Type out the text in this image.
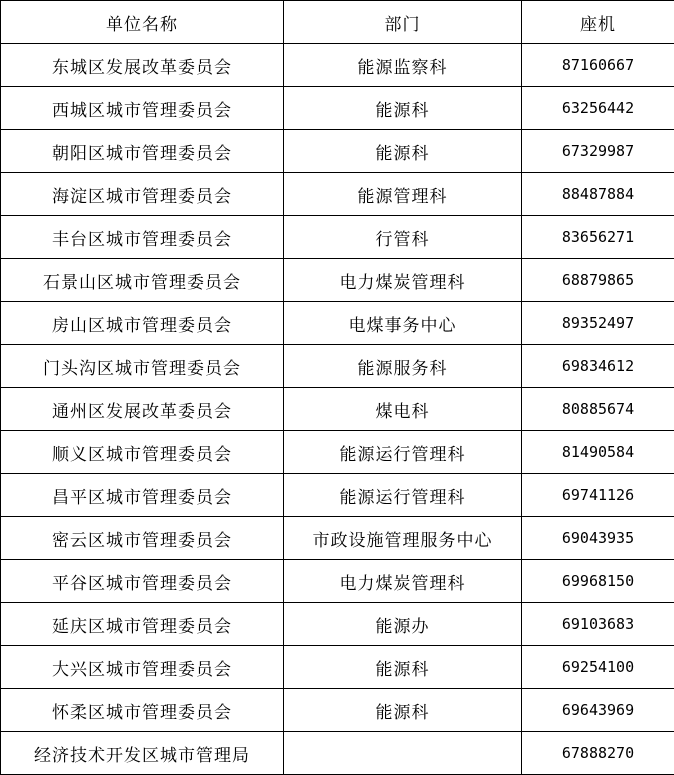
单位名称	部门	座机
东城区发展改革委员会	能源监察科	87160667
西城区城市管理委员会	能源科	63256442
朝阳区城市管理委员会	能源科	67329987
海淀区城市管理委员会	能源管理科	88487884
丰台区城市管理委员会	行管科	83656271
石景山区城市管理委员会	电力煤炭管理科	68879865
房山区城市管理委员会	电煤事务中心	89352497
门头沟区城市管理委员会	能源服务科	69834612
通州区发展改革委员会	煤电科	80885674
顺义区城市管理委员会	能源运行管理科	81490584
昌平区城市管理委员会	能源运行管理科	69741126
密云区城市管理委员会	市政设施管理服务中心	69043935
平谷区城市管理委员会	电力煤炭管理科	69968150
延庆区城市管理委员会	能源办	69103683
大兴区城市管理委员会	能源科	69254100
怀柔区城市管理委员会	能源科	69643969
经济技术开发区城市管理局		67888270
